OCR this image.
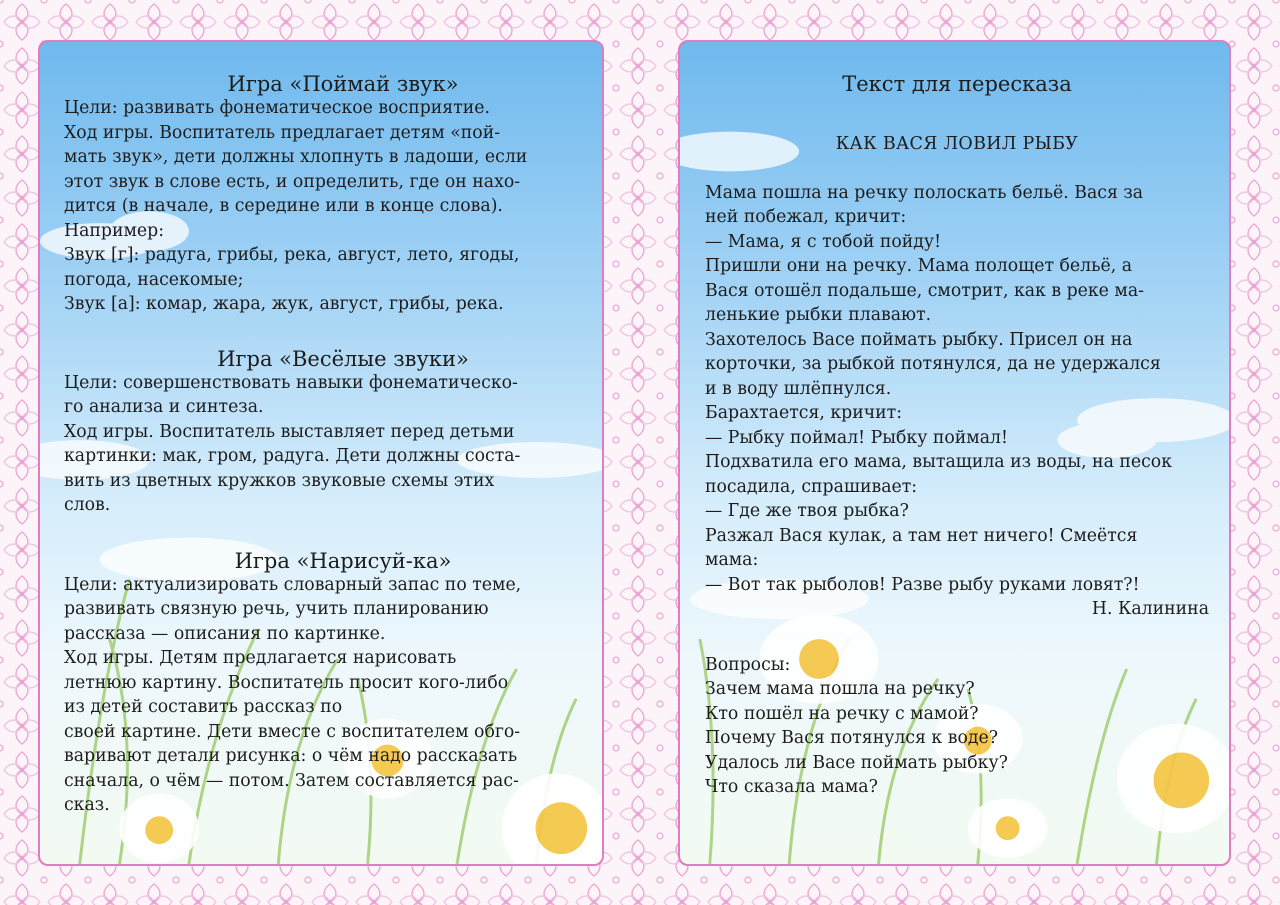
Игра «Поймай звук»
Цели: развивать фонематическое восприятие.
Ход игры. Воспитатель предлагает детям «пой-
мать звук», дети должны хлопнуть в ладоши, если
этот звук в слове есть, и определить, где он нахо-
дится (в начале, в середине или в конце слова).
Например:
Звук [г]: радуга, грибы, река, август, лето, ягоды,
погода, насекомые;
Звук [а]: комар, жара, жук, август, грибы, река.
Игра «Весёлые звуки»
Цели: совершенствовать навыки фонематическо-
го анализа и синтеза.
Ход игры. Воспитатель выставляет перед детьми
картинки: мак, гром, радуга. Дети должны соста-
вить из цветных кружков звуковые схемы этих
слов.
Игра «Нарисуй-ка»
Цели: актуализировать словарный запас по теме,
развивать связную речь, учить планированию
рассказа — описания по картинке.
Ход игры. Детям предлагается нарисовать
летнюю картину. Воспитатель просит кого-либо
из детей составить рассказ по
своей картине. Дети вместе с воспитателем обго-
варивают детали рисунка: о чём надо рассказать
сначала, о чём — потом. Затем составляется рас-
сказ.
Текст для пересказа
КАК ВАСЯ ЛОВИЛ РЫБУ
Мама пошла на речку полоскать бельё. Вася за
ней побежал, кричит:
— Мама, я с тобой пойду!
Пришли они на речку. Мама полощет бельё, а
Вася отошёл подальше, смотрит, как в реке ма-
ленькие рыбки плавают.
Захотелось Васе поймать рыбку. Присел он на
корточки, за рыбкой потянулся, да не удержался
и в воду шлёпнулся.
Барахтается, кричит:
— Рыбку поймал! Рыбку поймал!
Подхватила его мама, вытащила из воды, на песок
посадила, спрашивает:
— Где же твоя рыбка?
Разжал Вася кулак, а там нет ничего! Смеётся
мама:
— Вот так рыболов! Разве рыбу руками ловят?!
Н. Калинина
Вопросы:
Зачем мама пошла на речку?
Кто пошёл на речку с мамой?
Почему Вася потянулся к воде?
Удалось ли Васе поймать рыбку?
Что сказала мама?
